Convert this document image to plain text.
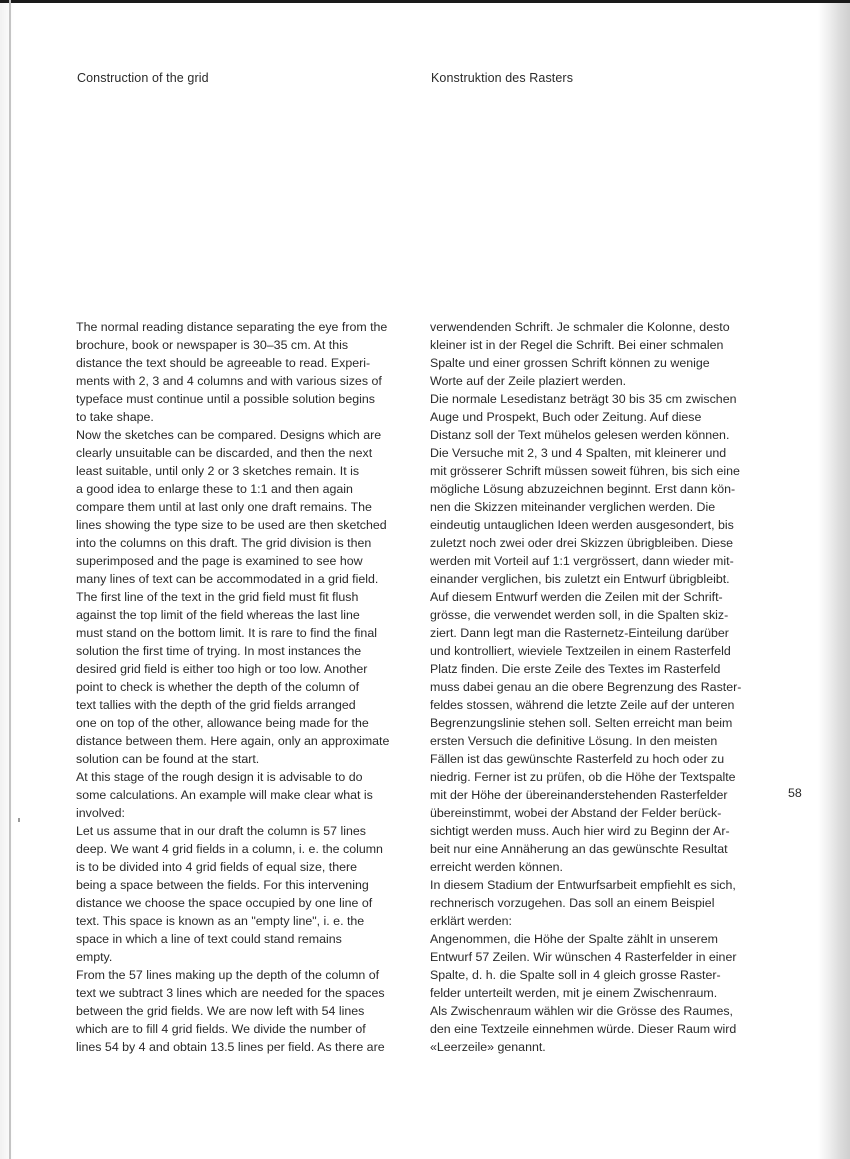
Construction of the grid	Konstruktion des Rasters
The normal reading distance separating the eye from the
brochure, book or newspaper is 30–35 cm. At this
distance the text should be agreeable to read. Experi-
ments with 2, 3 and 4 columns and with various sizes of
typeface must continue until a possible solution begins
to take shape.
Now the sketches can be compared. Designs which are
clearly unsuitable can be discarded, and then the next
least suitable, until only 2 or 3 sketches remain. It is
a good idea to enlarge these to 1:1 and then again
compare them until at last only one draft remains. The
lines showing the type size to be used are then sketched
into the columns on this draft. The grid division is then
superimposed and the page is examined to see how
many lines of text can be accommodated in a grid field.
The first line of the text in the grid field must fit flush
against the top limit of the field whereas the last line
must stand on the bottom limit. It is rare to find the final
solution the first time of trying. In most instances the
desired grid field is either too high or too low. Another
point to check is whether the depth of the column of
text tallies with the depth of the grid fields arranged
one on top of the other, allowance being made for the
distance between them. Here again, only an approximate
solution can be found at the start.
At this stage of the rough design it is advisable to do
some calculations. An example will make clear what is
involved:
Let us assume that in our draft the column is 57 lines
deep. We want 4 grid fields in a column, i. e. the column
is to be divided into 4 grid fields of equal size, there
being a space between the fields. For this intervening
distance we choose the space occupied by one line of
text. This space is known as an "empty line", i. e. the
space in which a line of text could stand remains
empty.
From the 57 lines making up the depth of the column of
text we subtract 3 lines which are needed for the spaces
between the grid fields. We are now left with 54 lines
which are to fill 4 grid fields. We divide the number of
lines 54 by 4 and obtain 13.5 lines per field. As there are
verwendenden Schrift. Je schmaler die Kolonne, desto
kleiner ist in der Regel die Schrift. Bei einer schmalen
Spalte und einer grossen Schrift können zu wenige
Worte auf der Zeile plaziert werden.
Die normale Lesedistanz beträgt 30 bis 35 cm zwischen
Auge und Prospekt, Buch oder Zeitung. Auf diese
Distanz soll der Text mühelos gelesen werden können.
Die Versuche mit 2, 3 und 4 Spalten, mit kleinerer und
mit grösserer Schrift müssen soweit führen, bis sich eine
mögliche Lösung abzuzeichnen beginnt. Erst dann kön-
nen die Skizzen miteinander verglichen werden. Die
eindeutig untauglichen Ideen werden ausgesondert, bis
zuletzt noch zwei oder drei Skizzen übrigbleiben. Diese
werden mit Vorteil auf 1:1 vergrössert, dann wieder mit-
einander verglichen, bis zuletzt ein Entwurf übrigbleibt.
Auf diesem Entwurf werden die Zeilen mit der Schrift-
grösse, die verwendet werden soll, in die Spalten skiz-
ziert. Dann legt man die Rasternetz-Einteilung darüber
und kontrolliert, wieviele Textzeilen in einem Rasterfeld
Platz finden. Die erste Zeile des Textes im Rasterfeld
muss dabei genau an die obere Begrenzung des Raster-
feldes stossen, während die letzte Zeile auf der unteren
Begrenzungslinie stehen soll. Selten erreicht man beim
ersten Versuch die definitive Lösung. In den meisten
Fällen ist das gewünschte Rasterfeld zu hoch oder zu
niedrig. Ferner ist zu prüfen, ob die Höhe der Textspalte
mit der Höhe der übereinanderstehenden Rasterfelder
übereinstimmt, wobei der Abstand der Felder berück-
sichtigt werden muss. Auch hier wird zu Beginn der Ar-
beit nur eine Annäherung an das gewünschte Resultat
erreicht werden können.
In diesem Stadium der Entwurfsarbeit empfiehlt es sich,
rechnerisch vorzugehen. Das soll an einem Beispiel
erklärt werden:
Angenommen, die Höhe der Spalte zählt in unserem
Entwurf 57 Zeilen. Wir wünschen 4 Rasterfelder in einer
Spalte, d. h. die Spalte soll in 4 gleich grosse Raster-
felder unterteilt werden, mit je einem Zwischenraum.
Als Zwischenraum wählen wir die Grösse des Raumes,
den eine Textzeile einnehmen würde. Dieser Raum wird
«Leerzeile» genannt.
58
